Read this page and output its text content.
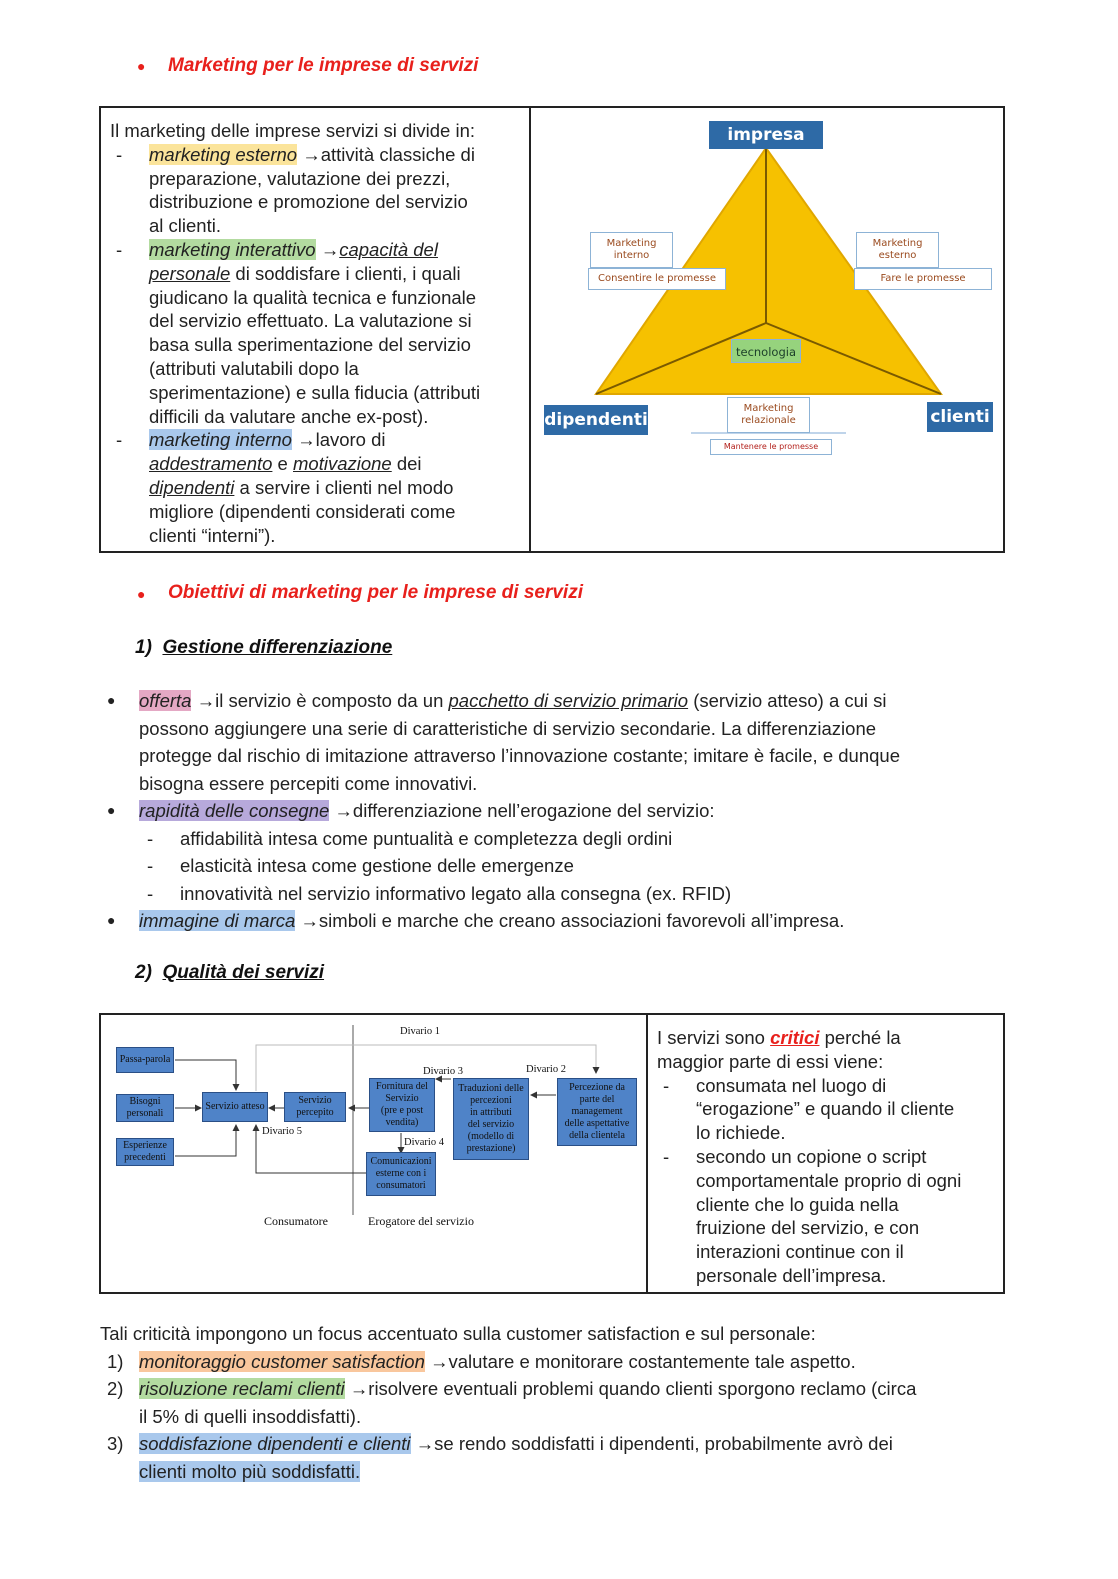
● Marketing per le imprese di servizi
Il marketing delle imprese servizi si divide in:
- marketing esterno →attività classiche di
preparazione, valutazione dei prezzi,
distribuzione e promozione del servizio
al clienti.
- marketing interattivo →capacità del
personale di soddisfare i clienti, i quali
giudicano la qualità tecnica e funzionale
del servizio effettuato. La valutazione si
basa sulla sperimentazione del servizio
(attributi valutabili dopo la
sperimentazione) e sulla fiducia (attributi
difficili da valutare anche ex-post).
- marketing interno →lavoro di
addestramento e motivazione dei
dipendenti a servire i clienti nel modo
migliore (dipendenti considerati come
clienti “interni”).
impresa
dipendenti	clienti
tecnologia
Marketing
interno
Consentire le promesse
Marketing
esterno
Fare le promesse
Marketing
relazionale
Mantenere le promesse
● Obiettivi di marketing per le imprese di servizi
1) Gestione differenziazione
● offerta →il servizio è composto da un pacchetto di servizio primario (servizio atteso) a cui si
possono aggiungere una serie di caratteristiche di servizio secondarie. La differenziazione
protegge dal rischio di imitazione attraverso l’innovazione costante; imitare è facile, e dunque
bisogna essere percepiti come innovativi.
● rapidità delle consegne →differenziazione nell’erogazione del servizio:
- affidabilità intesa come puntualità e completezza degli ordini
- elasticità intesa come gestione delle emergenze
- innovatività nel servizio informativo legato alla consegna (ex. RFID)
● immagine di marca →simboli e marche che creano associazioni favorevoli all’impresa.
2) Qualità dei servizi
Passa-parola
Bisogni
personali
Esperienze
precedenti
Servizio atteso
Servizio
percepito
Fornitura del
Servizio
(pre e post
vendita)
Traduzioni delle
percezioni
in attributi
del servizio
(modello di
prestazione)
Percezione da
parte del
management
delle aspettative
della clientela
Comunicazioni
esterne con i
consumatori
Divario 1
Divario 2
Divario 3
Divario 4
Divario 5
Consumatore	Erogatore del servizio
I servizi sono critici perché la
maggior parte di essi viene:
- consumata nel luogo di
“erogazione” e quando il cliente
lo richiede.
- secondo un copione o script
comportamentale proprio di ogni
cliente che lo guida nella
fruizione del servizio, e con
interazioni continue con il
personale dell’impresa.
Tali criticità impongono un focus accentuato sulla customer satisfaction e sul personale:
1) monitoraggio customer satisfaction →valutare e monitorare costantemente tale aspetto.
2) risoluzione reclami clienti →risolvere eventuali problemi quando clienti sporgono reclamo (circa
il 5% di quelli insoddisfatti).
3) soddisfazione dipendenti e clienti →se rendo soddisfatti i dipendenti, probabilmente avrò dei
clienti molto più soddisfatti.
